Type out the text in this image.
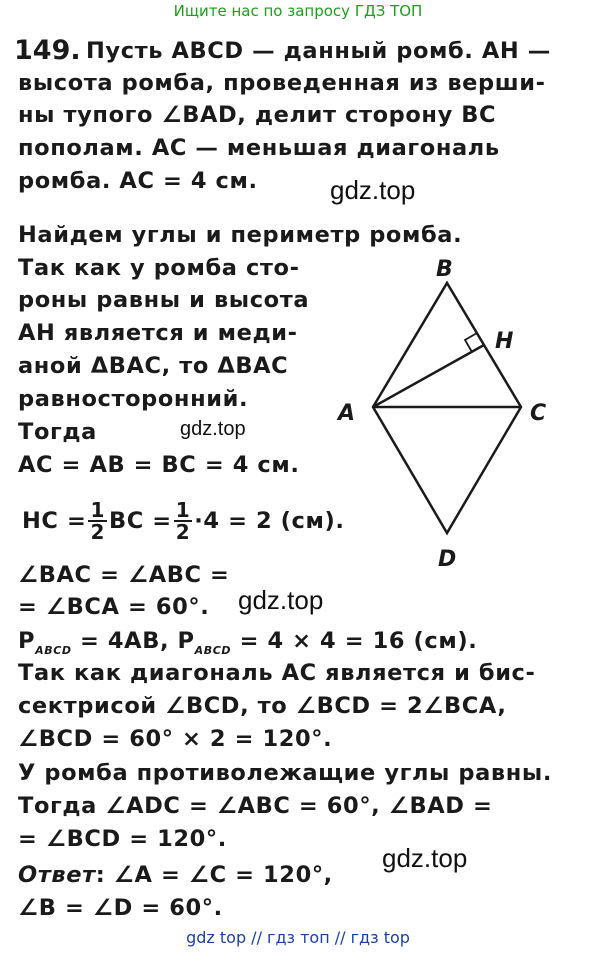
Ищите нас по запросу ГДЗ ТОП
149. Пусть ABCD — данный ромб. AH —
высота ромба, проведенная из верши-
ны тупого ∠BAD, делит сторону BC
пополам. AC — меньшая диагональ
ромба. AC = 4 см.	gdz.top
Найдем углы и периметр ромба.
Так как у ромба сто-
роны равны и высота
AH является и меди-
аной ΔBAC, то ΔBAC
равносторонний.
Тогда	gdz.top
AC = AB = BC = 4 см.
HC = $\frac{1}{2}$ BC = $\frac{1}{2} \cdot 4 = 2$ (см).
∠BAC = ∠ABC =
= ∠BCA = 60°. gdz.top
$P_{ABCD} = 4AB$, $P_{ABCD} = 4 \times 4 = 16$ (см).
Так как диагональ AC является и бис-
сектрисой ∠BCD, то ∠BCD = 2∠BCA,
∠BCD = 60° × 2 = 120°.
У ромба противолежащие углы равны.
Тогда ∠ADC = ∠ABC = 60°, ∠BAD =
= ∠BCD = 120°.
gdz.top
Ответ: ∠A = ∠C = 120°,
∠B = ∠D = 60°.
B
H
A	C
D
gdz top // гдз топ // гдз top
